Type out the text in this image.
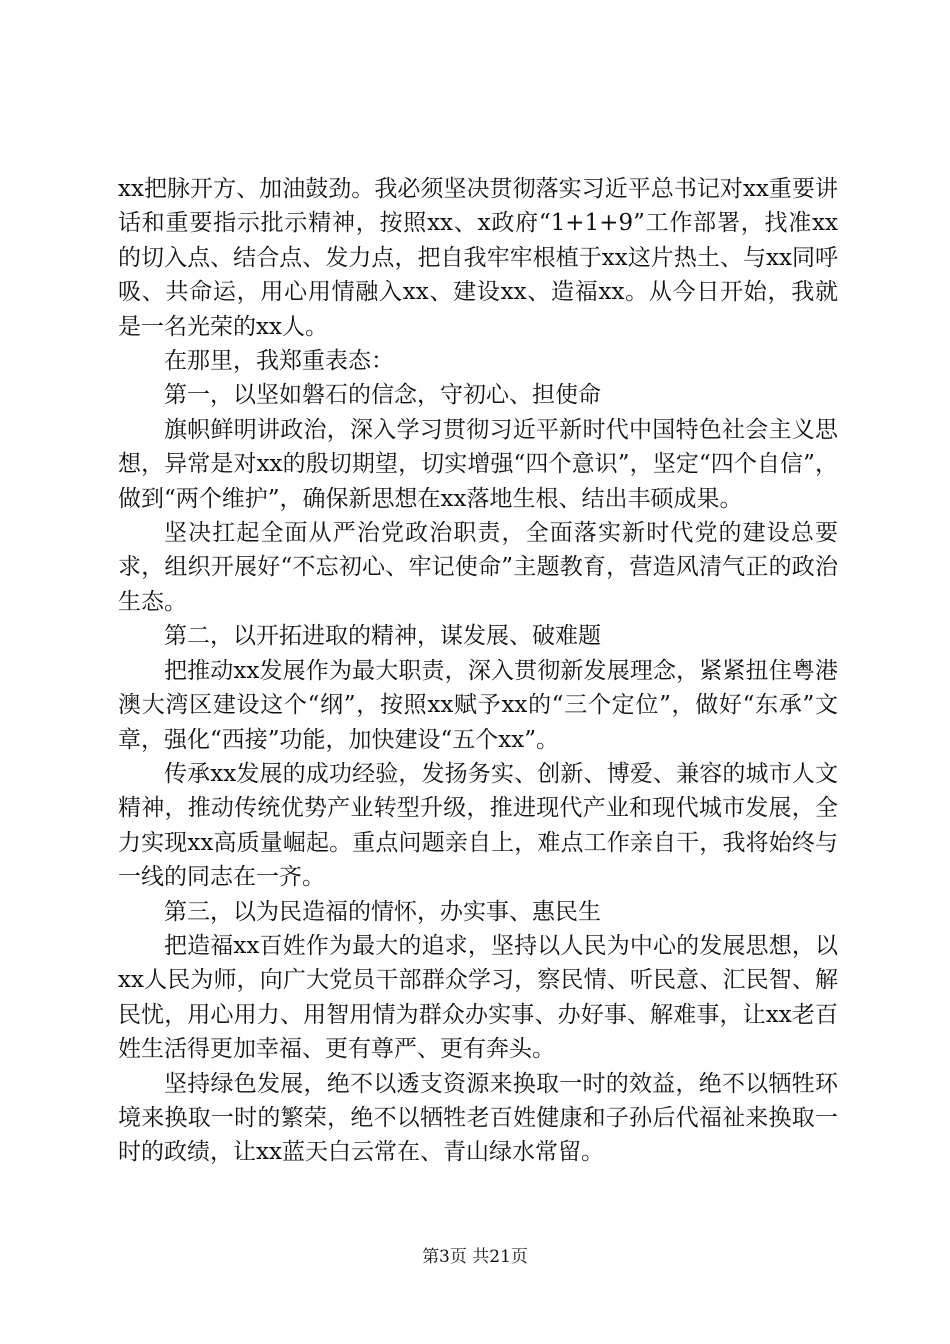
xx把脉开方、加油鼓劲。我必须坚决贯彻落实习近平总书记对xx重要讲话和重要指示批示精神，按照xx、x政府“1+1+9”工作部署，找准xx的切入点、结合点、发力点，把自我牢牢根植于xx这片热土、与xx同呼吸、共命运，用心用情融入xx、建设xx、造福xx。从今日开始，我就是一名光荣的xx人。

在那里，我郑重表态：

第一，以坚如磐石的信念，守初心、担使命

旗帜鲜明讲政治，深入学习贯彻习近平新时代中国特色社会主义思想，异常是对xx的殷切期望，切实增强“四个意识”，坚定“四个自信”，做到“两个维护”，确保新思想在xx落地生根、结出丰硕成果。

坚决扛起全面从严治党政治职责，全面落实新时代党的建设总要求，组织开展好“不忘初心、牢记使命”主题教育，营造风清气正的政治生态。

第二，以开拓进取的精神，谋发展、破难题

把推动xx发展作为最大职责，深入贯彻新发展理念，紧紧扭住粤港澳大湾区建设这个“纲”，按照xx赋予xx的“三个定位”，做好“东承”文章，强化“西接”功能，加快建设“五个xx”。

传承xx发展的成功经验，发扬务实、创新、博爱、兼容的城市人文精神，推动传统优势产业转型升级，推进现代产业和现代城市发展，全力实现xx高质量崛起。重点问题亲自上，难点工作亲自干，我将始终与一线的同志在一齐。

第三，以为民造福的情怀，办实事、惠民生

把造福xx百姓作为最大的追求，坚持以人民为中心的发展思想，以xx人民为师，向广大党员干部群众学习，察民情、听民意、汇民智、解民忧，用心用力、用智用情为群众办实事、办好事、解难事，让xx老百姓生活得更加幸福、更有尊严、更有奔头。

坚持绿色发展，绝不以透支资源来换取一时的效益，绝不以牺牲环境来换取一时的繁荣，绝不以牺牲老百姓健康和子孙后代福祉来换取一时的政绩，让xx蓝天白云常在、青山绿水常留。

第3页 共21页
